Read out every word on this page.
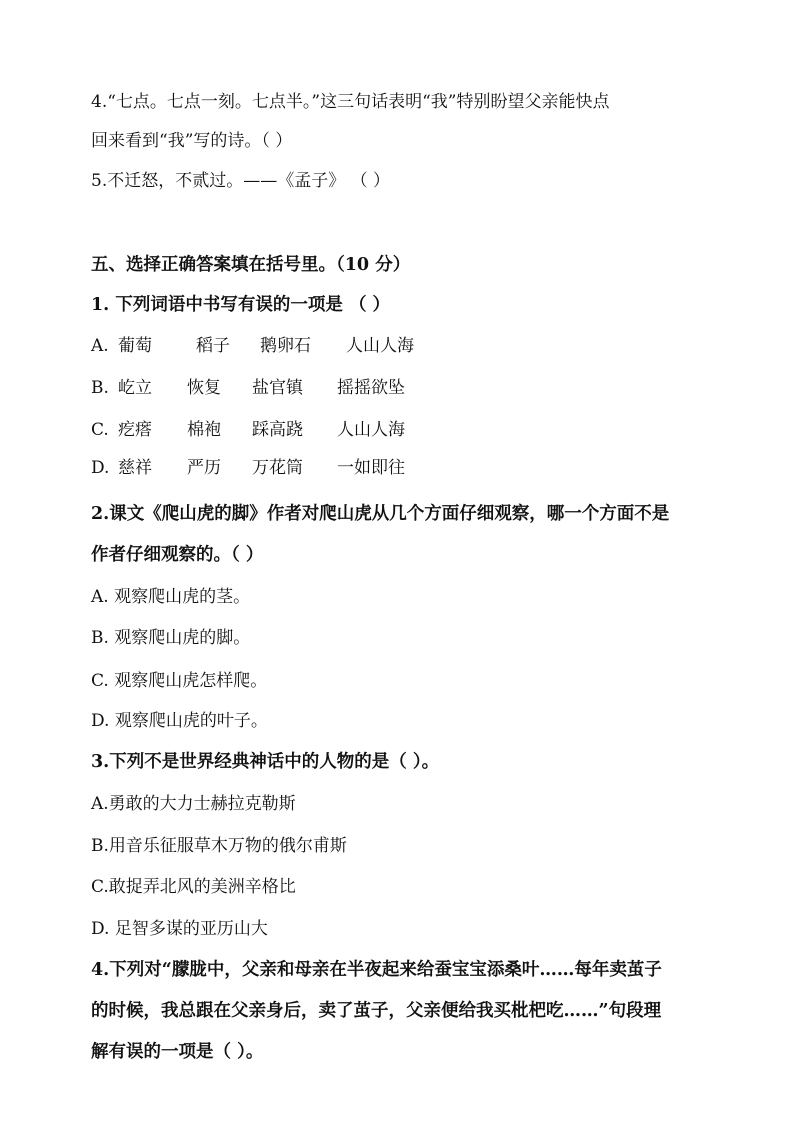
4.“七点。七点一刻。七点半。”这三句话表明“我”特别盼望父亲能快点
回来看到“我”写的诗。（ ）
5.不迁怒，不贰过。——《孟子》 （ ）
五、选择正确答案填在括号里。（10 分）
1. 下列词语中书写有误的一项是 （ ）
A. 葡萄	稻子 鹅卵石 人山人海
B. 屹立 恢复 盐官镇 摇摇欲坠
C. 疙瘩 棉袍 踩高跷 人山人海
D. 慈祥 严历 万花筒 一如即往
2.课文《爬山虎的脚》作者对爬山虎从几个方面仔细观察，哪一个方面不是
作者仔细观察的。（ ）
A. 观察爬山虎的茎。
B. 观察爬山虎的脚。
C. 观察爬山虎怎样爬。
D. 观察爬山虎的叶子。
3.下列不是世界经典神话中的人物的是（ ）。
A.勇敢的大力士赫拉克勒斯
B.用音乐征服草木万物的俄尔甫斯
C.敢捉弄北风的美洲辛格比
D. 足智多谋的亚历山大
4.下列对“朦胧中，父亲和母亲在半夜起来给蚕宝宝添桑叶……每年卖茧子
的时候，我总跟在父亲身后，卖了茧子，父亲便给我买枇杷吃……”句段理
解有误的一项是（ ）。
